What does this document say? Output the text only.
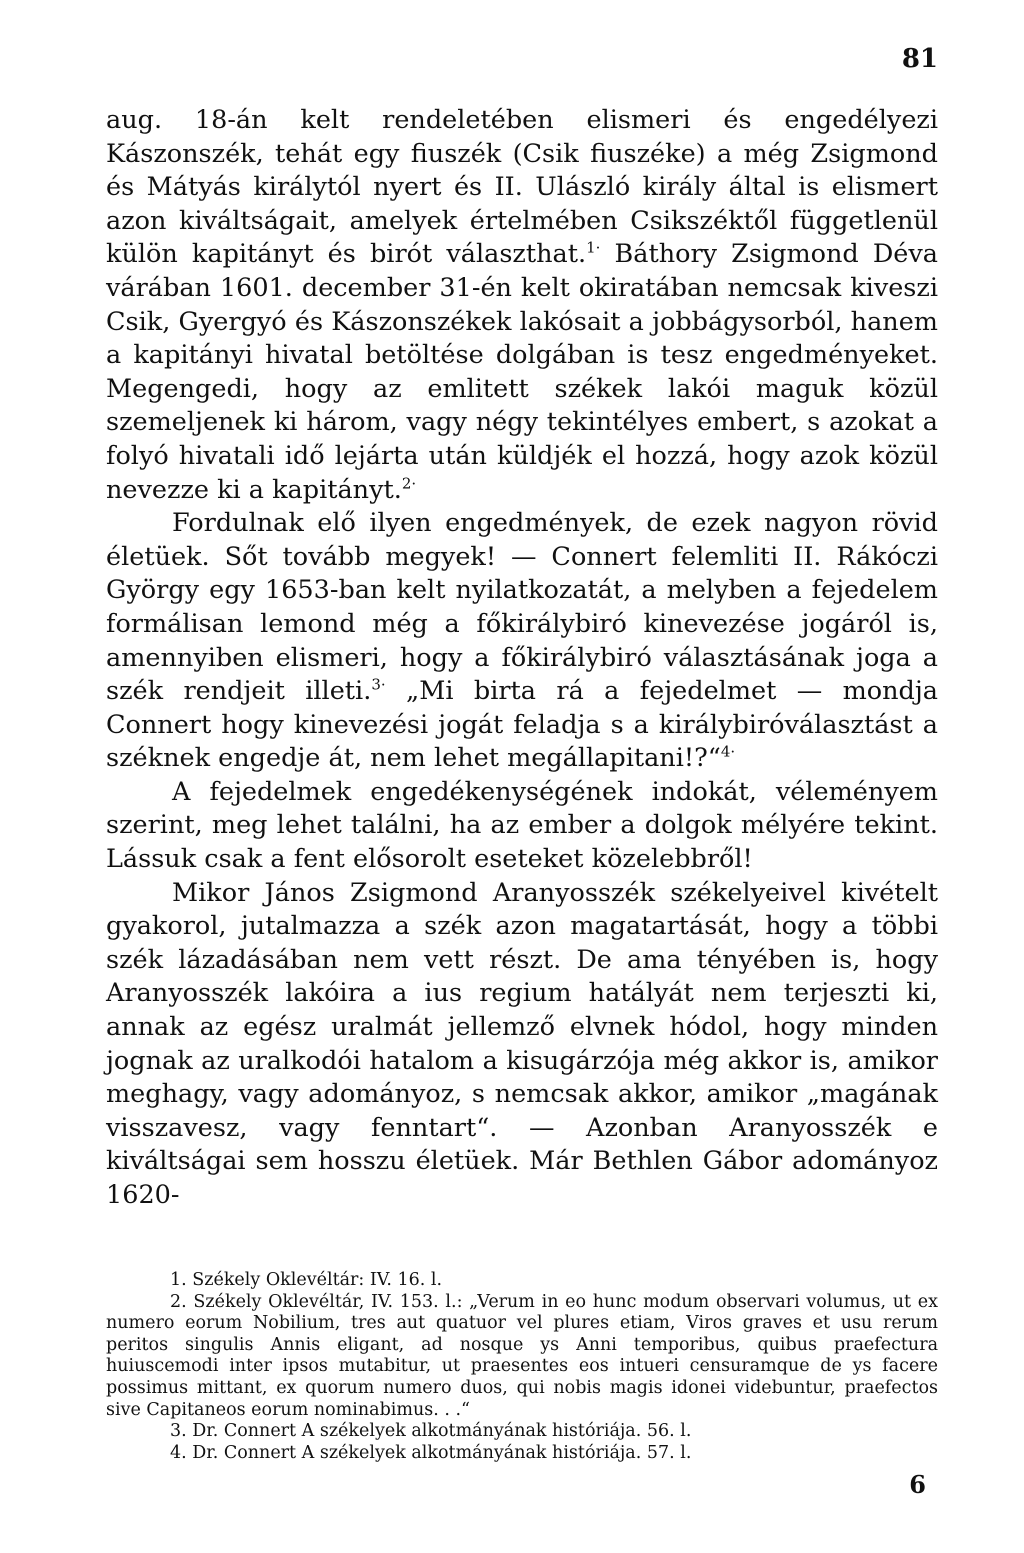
81

aug. 18-án kelt rendeletében elismeri és engedélyezi Kászonszék, tehát egy fiuszék (Csik fiuszéke) a még Zsigmond és Mátyás királytól nyert és II. Ulászló király által is elismert azon kiváltságait, amelyek értelmében Csikszéktől függetlenül külön kapitányt és birót választhat.$^{1\cdot}$ Báthory Zsigmond Déva várában 1601. december 31-én kelt okiratában nemcsak kiveszi Csik, Gyergyó és Kászonszékek lakósait a jobbágysorból, hanem a kapitányi hivatal betöltése dolgában is tesz engedményeket. Megengedi, hogy az emlitett székek lakói maguk közül szemeljenek ki három, vagy négy tekintélyes embert, s azokat a folyó hivatali idő lejárta után küldjék el hozzá, hogy azok közül nevezze ki a kapitányt.$^{2\cdot}$

Fordulnak elő ilyen engedmények, de ezek nagyon rövid életüek. Sőt tovább megyek! — Connert felemliti II. Rákóczi György egy 1653-ban kelt nyilatkozatát, a melyben a fejedelem formálisan lemond még a főkirálybiró kinevezése jogáról is, amennyiben elismeri, hogy a főkirálybiró választásának joga a szék rendjeit illeti.$^{3\cdot}$ „Mi birta rá a fejedelmet — mondja Connert hogy kinevezési jogát feladja s a királybiróválasztást a széknek engedje át, nem lehet megállapitani!?“$^{4\cdot}$

A fejedelmek engedékenységének indokát, véleményem szerint, meg lehet találni, ha az ember a dolgok mélyére tekint. Lássuk csak a fent elősorolt eseteket közelebbről!

Mikor János Zsigmond Aranyosszék székelyeivel kivételt gyakorol, jutalmazza a szék azon magatartását, hogy a többi szék lázadásában nem vett részt. De ama tényében is, hogy Aranyosszék lakóira a ius regium hatályát nem terjeszti ki, annak az egész uralmát jellemző elvnek hódol, hogy minden jognak az uralkodói hatalom a kisugárzója még akkor is, amikor meghagy, vagy adományoz, s nemcsak akkor, amikor „magának visszavesz, vagy fenntart“. — Azonban Aranyosszék e kiváltságai sem hosszu életüek. Már Bethlen Gábor adományoz 1620-

1. Székely Oklevéltár: IV. 16. l.

2. Székely Oklevéltár, IV. 153. l.: „Verum in eo hunc modum observari volumus, ut ex numero eorum Nobilium, tres aut quatuor vel plures etiam, Viros graves et usu rerum peritos singulis Annis eligant, ad nosque ys Anni temporibus, quibus praefectura huiuscemodi inter ipsos mutabitur, ut praesentes eos intueri censuramque de ys facere possimus mittant, ex quorum numero duos, qui nobis magis idonei videbuntur, praefectos sive Capitaneos eorum nominabimus. . .“

3. Dr. Connert A székelyek alkotmányának históriája. 56. l.

4. Dr. Connert A székelyek alkotmányának históriája. 57. l.

6
